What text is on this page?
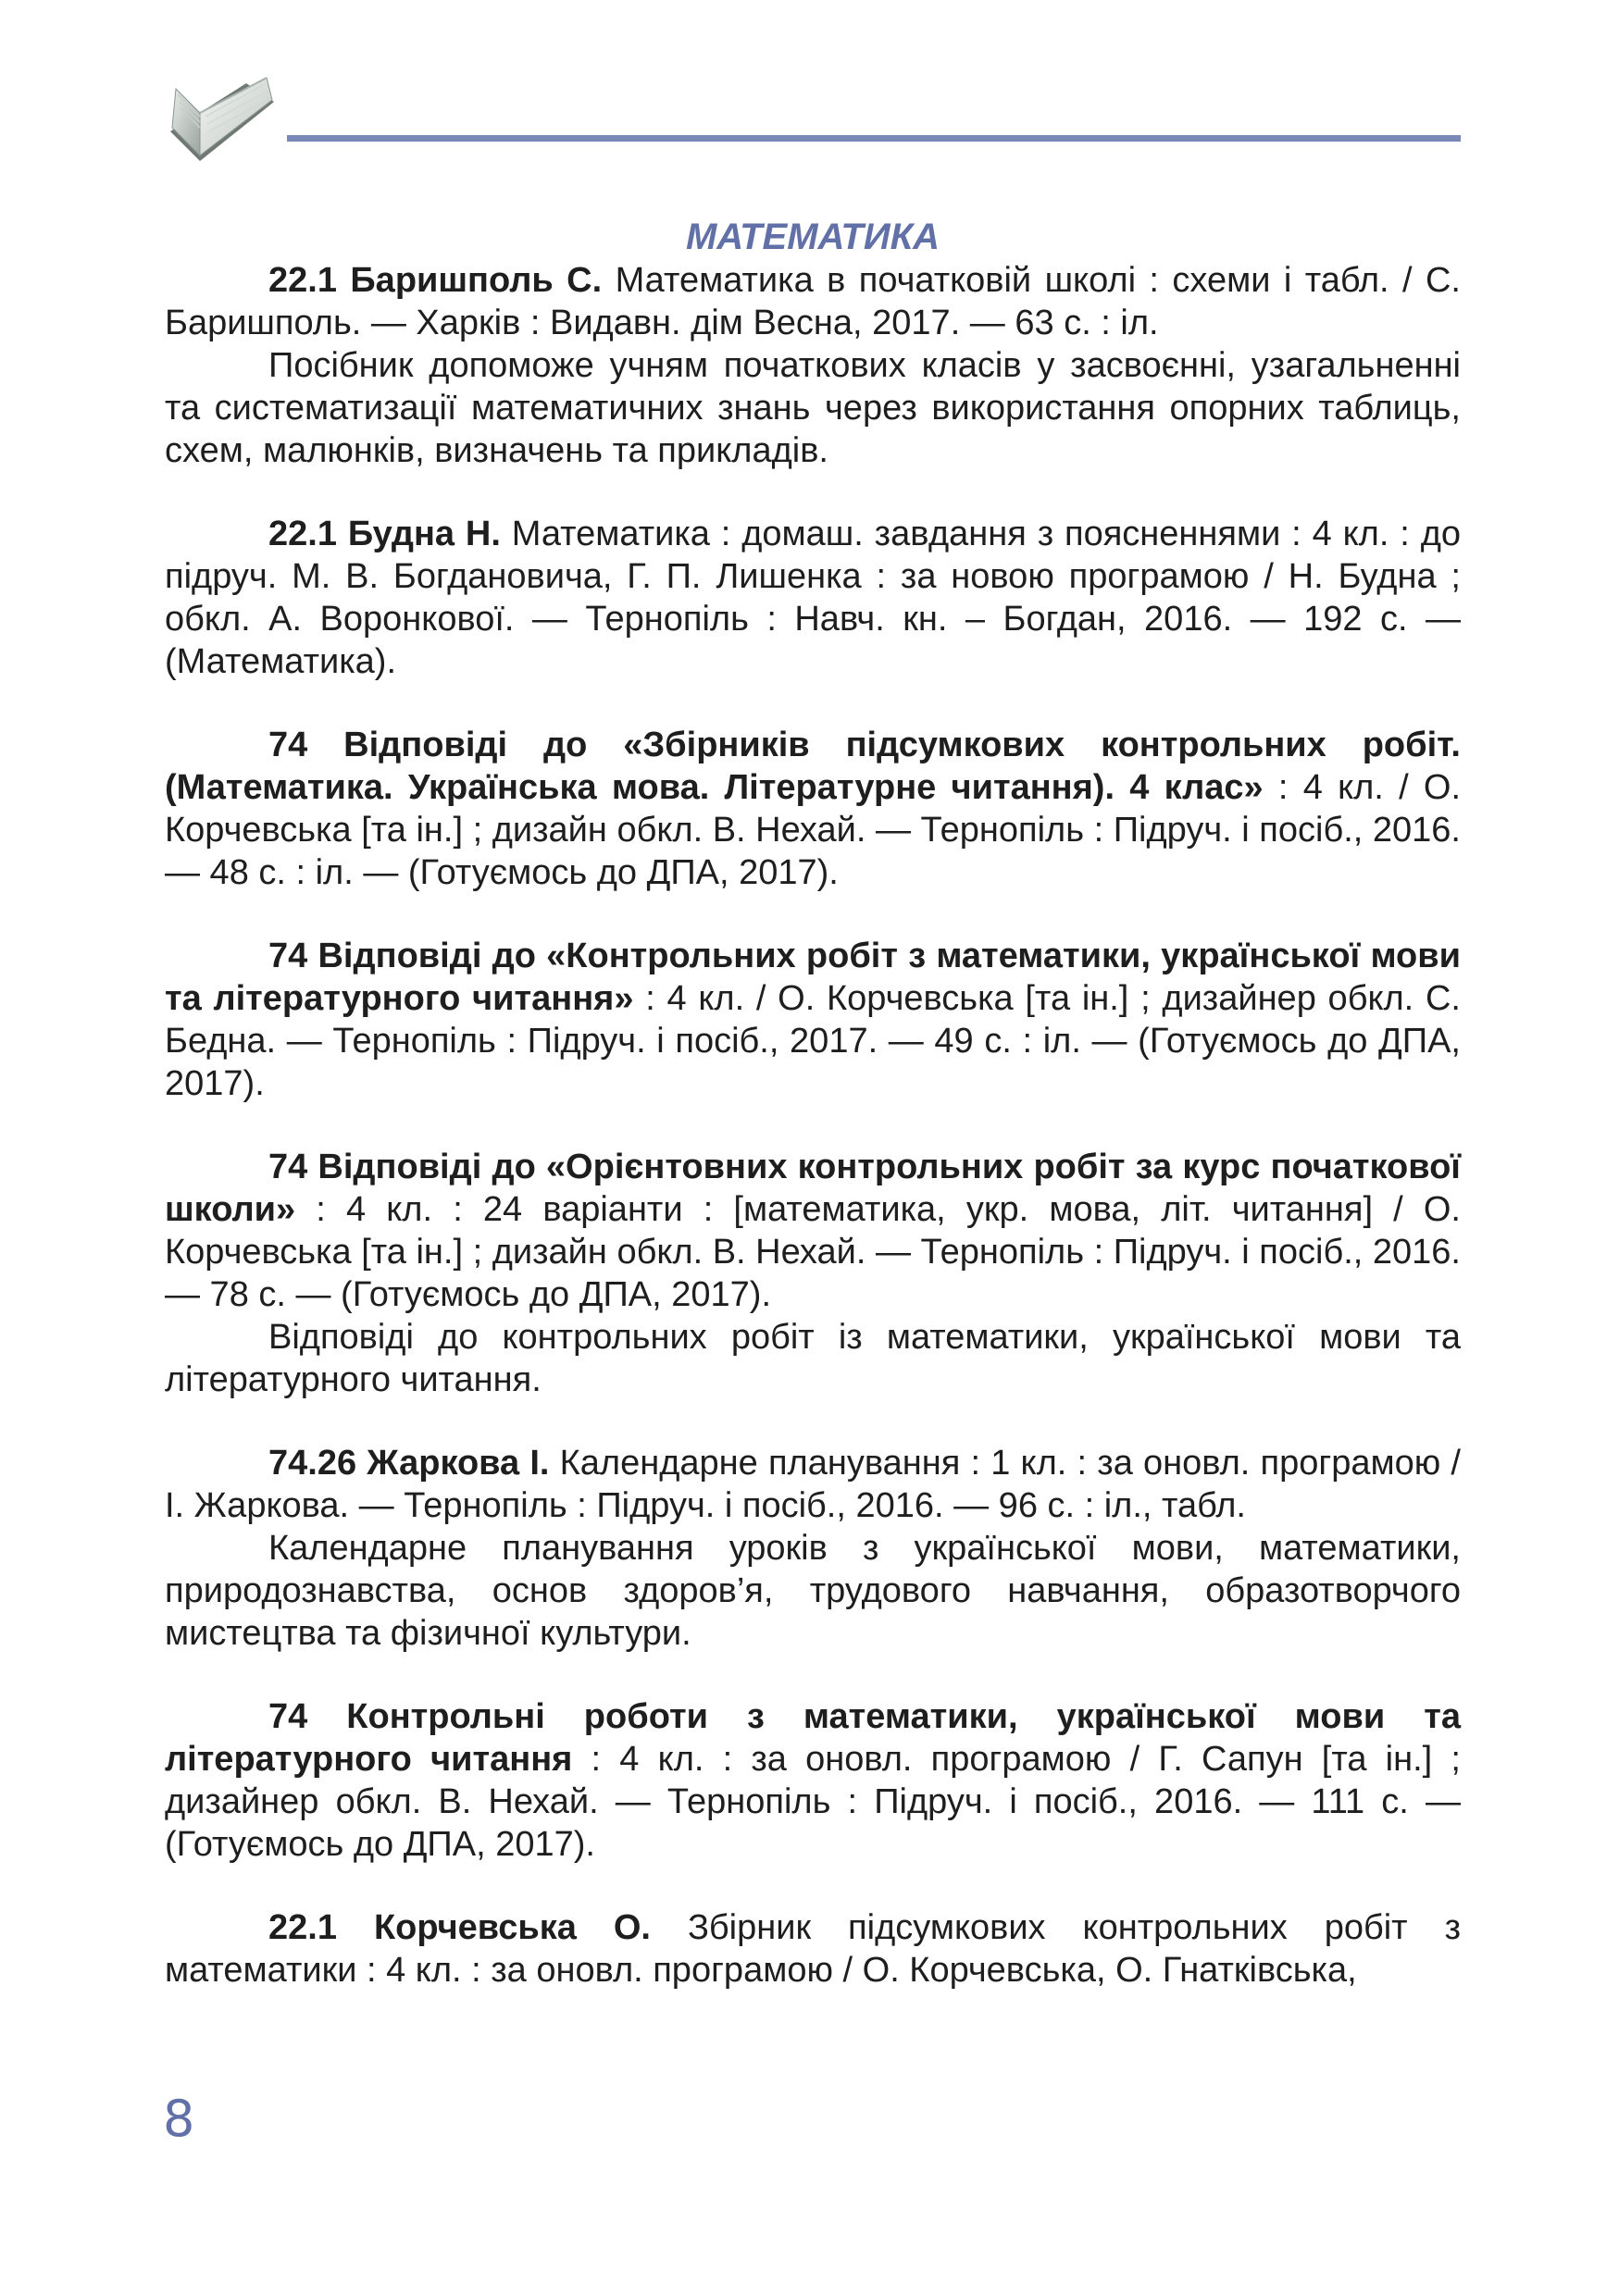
МАТЕМАТИКА

22.1 Баришполь С. Математика в початковій школі : схеми і табл. / С. Баришполь. — Харків : Видавн. дім Весна, 2017. — 63 с. : іл.

Посібник допоможе учням початкових класів у засвоєнні, узагальненні та систематизації математичних знань через використання опорних таблиць, схем, малюнків, визначень та прикладів.

22.1 Будна Н. Математика : домаш. завдання з поясненнями : 4 кл. : до підруч. М. В. Богдановича, Г. П. Лишенка : за новою програмою / Н. Будна ; обкл. А. Воронкової. — Тернопіль : Навч. кн. – Богдан, 2016. — 192 с. — (Математика).

74 Відповіді до «Збірників підсумкових контрольних робіт. (Математика. Українська мова. Літературне читання). 4 клас» : 4 кл. / О. Корчевська [та ін.] ; дизайн обкл. В. Нехай. — Тернопіль : Підруч. і посіб., 2016. — 48 с. : іл. — (Готуємось до ДПА, 2017).

74 Відповіді до «Контрольних робіт з математики, української мови та літературного читання» : 4 кл. / О. Корчевська [та ін.] ; дизайнер обкл. С. Бедна. — Тернопіль : Підруч. і посіб., 2017. — 49 с. : іл. — (Готуємось до ДПА, 2017).

74 Відповіді до «Орієнтовних контрольних робіт за курс початкової школи» : 4 кл. : 24 варіанти : [математика, укр. мова, літ. читання] / О. Корчевська [та ін.] ; дизайн обкл. В. Нехай. — Тернопіль : Підруч. і посіб., 2016. — 78 с. — (Готуємось до ДПА, 2017).

Відповіді до контрольних робіт із математики, української мови та літературного читання.

74.26 Жаркова І. Календарне планування : 1 кл. : за оновл. програмою / І. Жаркова. — Тернопіль : Підруч. і посіб., 2016. — 96 с. : іл., табл.

Календарне планування уроків з української мови, математики, природознавства, основ здоров’я, трудового навчання, образотворчого мистецтва та фізичної культури.

74 Контрольні роботи з математики, української мови та літературного читання : 4 кл. : за оновл. програмою / Г. Сапун [та ін.] ; дизайнер обкл. В. Нехай. — Тернопіль : Підруч. і посіб., 2016. — 111 с. — (Готуємось до ДПА, 2017).

22.1 Корчевська О. Збірник підсумкових контрольних робіт з математики : 4 кл. : за оновл. програмою / О. Корчевська, О. Гнатківська,

8
